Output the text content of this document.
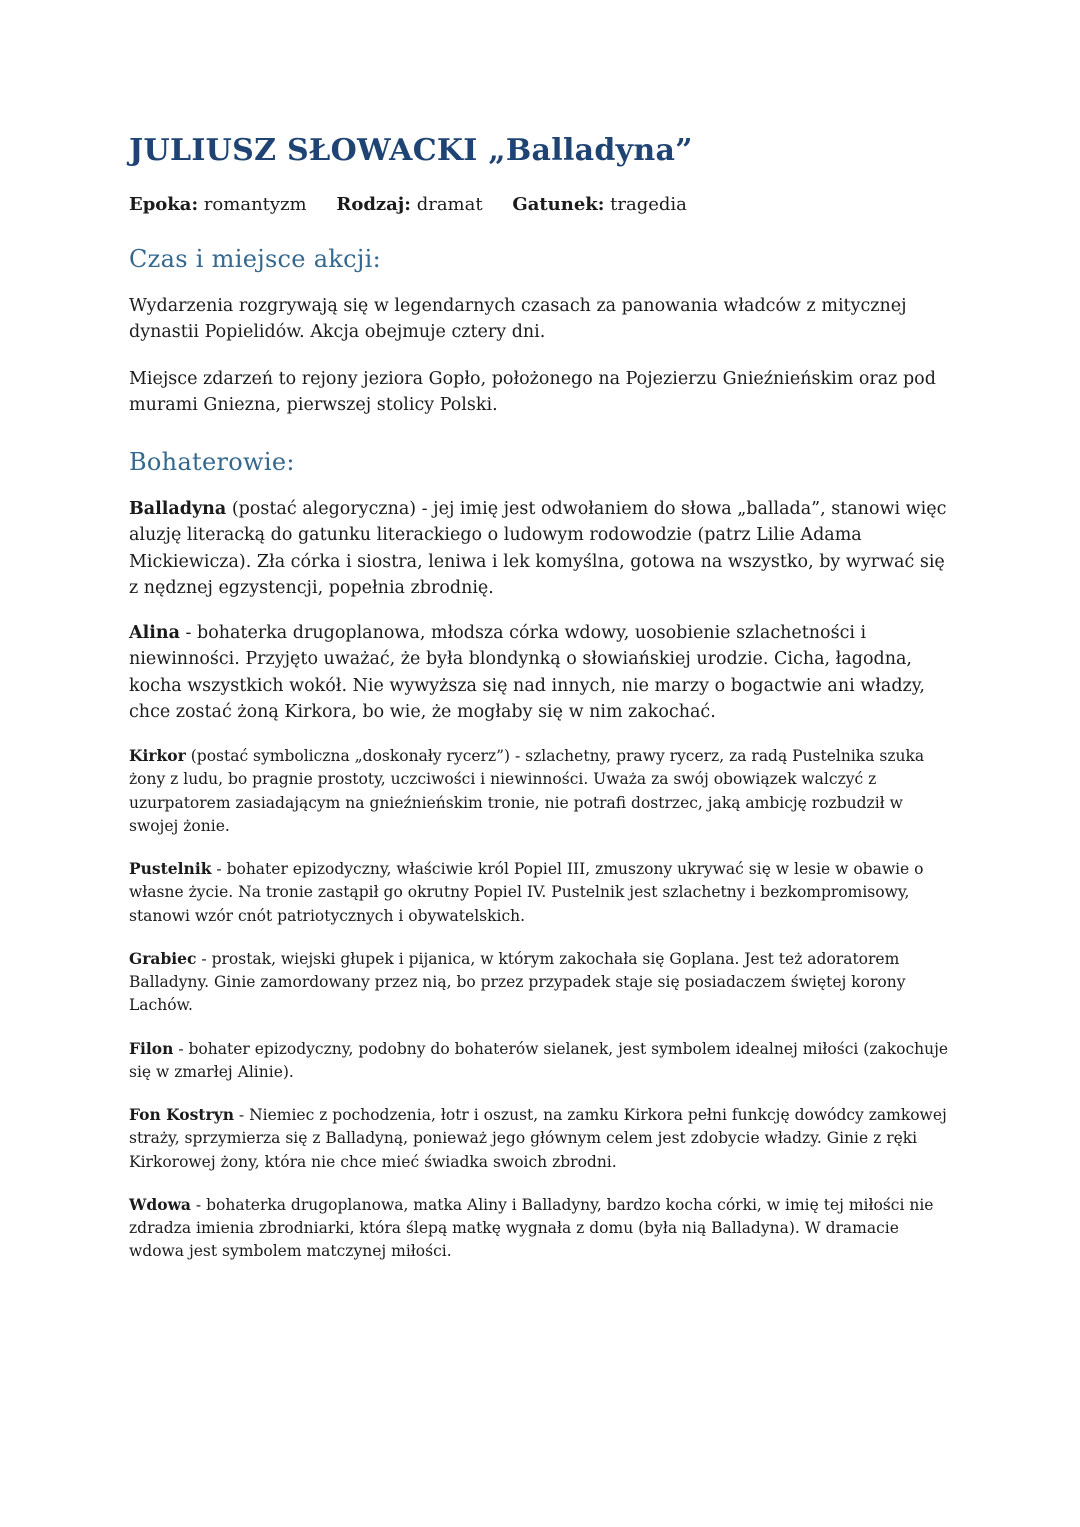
JULIUSZ SŁOWACKI „Balladyna”

Epoka: romantyzm Rodzaj: dramat Gatunek: tragedia

Czas i miejsce akcji:

Wydarzenia rozgrywają się w legendarnych czasach za panowania władców z mitycznej dynastii Popielidów. Akcja obejmuje cztery dni.

Miejsce zdarzeń to rejony jeziora Gopło, położonego na Pojezierzu Gnieźnieńskim oraz pod murami Gniezna, pierwszej stolicy Polski.

Bohaterowie:

Balladyna (postać alegoryczna) - jej imię jest odwołaniem do słowa „ballada”, stanowi więc aluzję literacką do gatunku literackiego o ludowym rodowodzie (patrz Lilie Adama Mickiewicza). Zła córka i siostra, leniwa i lek komyślna, gotowa na wszystko, by wyrwać się z nędznej egzystencji, popełnia zbrodnię.

Alina - bohaterka drugoplanowa, młodsza córka wdowy, uosobienie szlachetności i niewinności. Przyjęto uważać, że była blondynką o słowiańskiej urodzie. Cicha, łagodna, kocha wszystkich wokół. Nie wywyższa się nad innych, nie marzy o bogactwie ani władzy, chce zostać żoną Kirkora, bo wie, że mogłaby się w nim zakochać.

Kirkor (postać symboliczna „doskonały rycerz”) - szlachetny, prawy rycerz, za radą Pustelnika szuka żony z ludu, bo pragnie prostoty, uczciwości i niewinności. Uważa za swój obowiązek walczyć z uzurpatorem zasiadającym na gnieźnieńskim tronie, nie potrafi dostrzec, jaką ambicję rozbudził w swojej żonie.

Pustelnik - bohater epizodyczny, właściwie król Popiel III, zmuszony ukrywać się w lesie w obawie o własne życie. Na tronie zastąpił go okrutny Popiel IV. Pustelnik jest szlachetny i bezkompromisowy, stanowi wzór cnót patriotycznych i obywatelskich.

Grabiec - prostak, wiejski głupek i pijanica, w którym zakochała się Goplana. Jest też adoratorem Balladyny. Ginie zamordowany przez nią, bo przez przypadek staje się posiadaczem świętej korony Lachów.

Filon - bohater epizodyczny, podobny do bohaterów sielanek, jest symbolem idealnej miłości (zakochuje się w zmarłej Alinie).

Fon Kostryn - Niemiec z pochodzenia, łotr i oszust, na zamku Kirkora pełni funkcję dowódcy zamkowej straży, sprzymierza się z Balladyną, ponieważ jego głównym celem jest zdobycie władzy. Ginie z ręki Kirkorowej żony, która nie chce mieć świadka swoich zbrodni.

Wdowa - bohaterka drugoplanowa, matka Aliny i Balladyny, bardzo kocha córki, w imię tej miłości nie zdradza imienia zbrodniarki, która ślepą matkę wygnała z domu (była nią Balladyna). W dramacie wdowa jest symbolem matczynej miłości.
